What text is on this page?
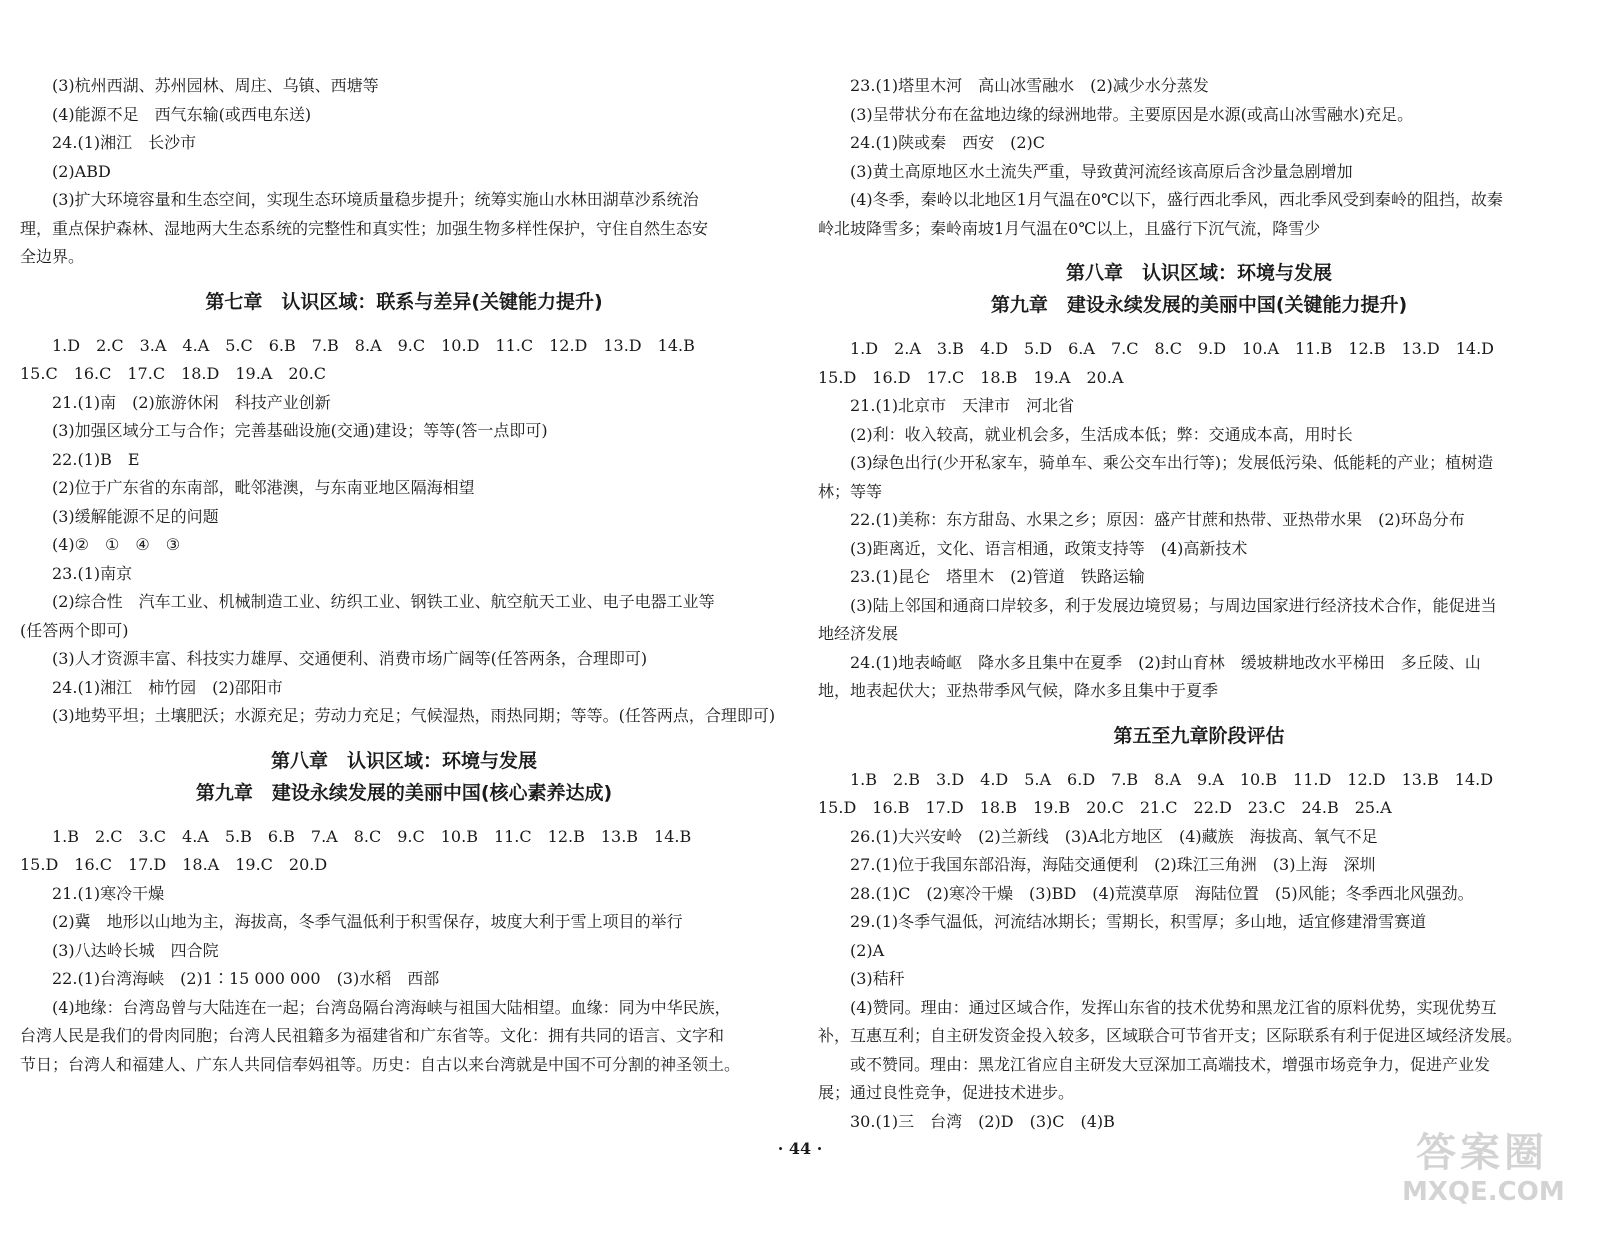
(3)杭州西湖、苏州园林、周庄、乌镇、西塘等
(4)能源不足　西气东输(或西电东送)
24.(1)湘江　长沙市
(2)ABD
(3)扩大环境容量和生态空间，实现生态环境质量稳步提升；统筹实施山水林田湖草沙系统治
理，重点保护森林、湿地两大生态系统的完整性和真实性；加强生物多样性保护，守住自然生态安
全边界。
第七章　认识区域：联系与差异(关键能力提升)
1.D　2.C　3.A　4.A　5.C　6.B　7.B　8.A　9.C　10.D　11.C　12.D　13.D　14.B
15.C　16.C　17.C　18.D　19.A　20.C
21.(1)南　(2)旅游休闲　科技产业创新
(3)加强区域分工与合作；完善基础设施(交通)建设；等等(答一点即可)
22.(1)B　E
(2)位于广东省的东南部，毗邻港澳，与东南亚地区隔海相望
(3)缓解能源不足的问题
(4)②　①　④　③
23.(1)南京
(2)综合性　汽车工业、机械制造工业、纺织工业、钢铁工业、航空航天工业、电子电器工业等
(任答两个即可)
(3)人才资源丰富、科技实力雄厚、交通便利、消费市场广阔等(任答两条，合理即可)
24.(1)湘江　柿竹园　(2)邵阳市
(3)地势平坦；土壤肥沃；水源充足；劳动力充足；气候湿热，雨热同期；等等。(任答两点，合理即可)
第八章　认识区域：环境与发展
第九章　建设永续发展的美丽中国(核心素养达成)
1.B　2.C　3.C　4.A　5.B　6.B　7.A　8.C　9.C　10.B　11.C　12.B　13.B　14.B
15.D　16.C　17.D　18.A　19.C　20.D
21.(1)寒冷干燥
(2)冀　地形以山地为主，海拔高，冬季气温低利于积雪保存，坡度大利于雪上项目的举行
(3)八达岭长城　四合院
22.(1)台湾海峡　(2)1∶15 000 000　(3)水稻　西部
(4)地缘：台湾岛曾与大陆连在一起；台湾岛隔台湾海峡与祖国大陆相望。血缘：同为中华民族，
台湾人民是我们的骨肉同胞；台湾人民祖籍多为福建省和广东省等。文化：拥有共同的语言、文字和
节日；台湾人和福建人、广东人共同信奉妈祖等。历史：自古以来台湾就是中国不可分割的神圣领土。
23.(1)塔里木河　高山冰雪融水　(2)减少水分蒸发
(3)呈带状分布在盆地边缘的绿洲地带。主要原因是水源(或高山冰雪融水)充足。
24.(1)陕或秦　西安　(2)C
(3)黄土高原地区水土流失严重，导致黄河流经该高原后含沙量急剧增加
(4)冬季，秦岭以北地区1月气温在0℃以下，盛行西北季风，西北季风受到秦岭的阻挡，故秦
岭北坡降雪多；秦岭南坡1月气温在0℃以上，且盛行下沉气流，降雪少
第八章　认识区域：环境与发展
第九章　建设永续发展的美丽中国(关键能力提升)
1.D　2.A　3.B　4.D　5.D　6.A　7.C　8.C　9.D　10.A　11.B　12.B　13.D　14.D
15.D　16.D　17.C　18.B　19.A　20.A
21.(1)北京市　天津市　河北省
(2)利：收入较高，就业机会多，生活成本低；弊：交通成本高，用时长
(3)绿色出行(少开私家车，骑单车、乘公交车出行等)；发展低污染、低能耗的产业；植树造
林；等等
22.(1)美称：东方甜岛、水果之乡；原因：盛产甘蔗和热带、亚热带水果　(2)环岛分布
(3)距离近，文化、语言相通，政策支持等　(4)高新技术
23.(1)昆仑　塔里木　(2)管道　铁路运输
(3)陆上邻国和通商口岸较多，利于发展边境贸易；与周边国家进行经济技术合作，能促进当
地经济发展
24.(1)地表崎岖　降水多且集中在夏季　(2)封山育林　缓坡耕地改水平梯田　多丘陵、山
地，地表起伏大；亚热带季风气候，降水多且集中于夏季
第五至九章阶段评估
1.B　2.B　3.D　4.D　5.A　6.D　7.B　8.A　9.A　10.B　11.D　12.D　13.B　14.D
15.D　16.B　17.D　18.B　19.B　20.C　21.C　22.D　23.C　24.B　25.A
26.(1)大兴安岭　(2)兰新线　(3)A北方地区　(4)藏族　海拔高、氧气不足
27.(1)位于我国东部沿海，海陆交通便利　(2)珠江三角洲　(3)上海　深圳
28.(1)C　(2)寒冷干燥　(3)BD　(4)荒漠草原　海陆位置　(5)风能；冬季西北风强劲。
29.(1)冬季气温低，河流结冰期长；雪期长，积雪厚；多山地，适宜修建滑雪赛道
(2)A
(3)秸秆
(4)赞同。理由：通过区域合作，发挥山东省的技术优势和黑龙江省的原料优势，实现优势互
补，互惠互利；自主研发资金投入较多，区域联合可节省开支；区际联系有利于促进区域经济发展。
或不赞同。理由：黑龙江省应自主研发大豆深加工高端技术，增强市场竞争力，促进产业发
展；通过良性竞争，促进技术进步。
30.(1)三　台湾　(2)D　(3)C　(4)B
· 44 ·	答案圈
MXQE.COM
